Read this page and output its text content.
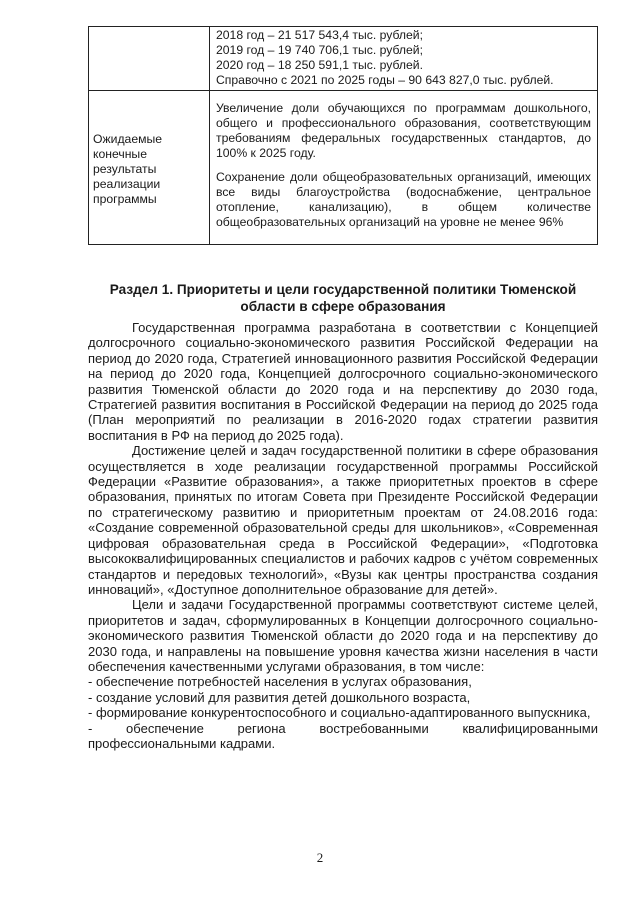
	2018 год – 21 517 543,4 тыс. рублей;
2019 год – 19 740 706,1 тыс. рублей;
2020 год – 18 250 591,1 тыс. рублей.
Справочно с 2021 по 2025 годы – 90 643 827,0 тыс. рублей.

Ожидаемые конечные результаты реализации программы	Увеличение доли обучающихся по программам дошкольного, общего и профессионального образования, соответствующим требованиям федеральных государственных стандартов, до 100% к 2025 году.
Сохранение доли общеобразовательных организаций, имеющих все виды благоустройства (водоснабжение, центральное отопление, канализацию), в общем количестве общеобразовательных организаций на уровне не менее 96%
Раздел 1. Приоритеты и цели государственной политики Тюменской области в сфере образования

Государственная программа разработана в соответствии с Концепцией долгосрочного социально-экономического развития Российской Федерации на период до 2020 года, Стратегией инновационного развития Российской Федерации на период до 2020 года, Концепцией долгосрочного социально-экономического развития Тюменской области до 2020 года и на перспективу до 2030 года, Стратегией развития воспитания в Российской Федерации на период до 2025 года (План мероприятий по реализации в 2016-2020 годах стратегии развития воспитания в РФ на период до 2025 года).

Достижение целей и задач государственной политики в сфере образования осуществляется в ходе реализации государственной программы Российской Федерации «Развитие образования», а также приоритетных проектов в сфере образования, принятых по итогам Совета при Президенте Российской Федерации по стратегическому развитию и приоритетным проектам от 24.08.2016 года: «Создание современной образовательной среды для школьников», «Современная цифровая образовательная среда в Российской Федерации», «Подготовка высококвалифицированных специалистов и рабочих кадров с учётом современных стандартов и передовых технологий», «Вузы как центры пространства создания инноваций», «Доступное дополнительное образование для детей».

Цели и задачи Государственной программы соответствуют системе целей, приоритетов и задач, сформулированных в Концепции долгосрочного социально-экономического развития Тюменской области до 2020 года и на перспективу до 2030 года, и направлены на повышение уровня качества жизни населения в части обеспечения качественными услугами образования, в том числе:

- обеспечение потребностей населения в услугах образования,

- создание условий для развития детей дошкольного возраста,

- формирование конкурентоспособного и социально-адаптированного выпускника,

- обеспечение региона востребованными квалифицированными профессиональными кадрами.

2
